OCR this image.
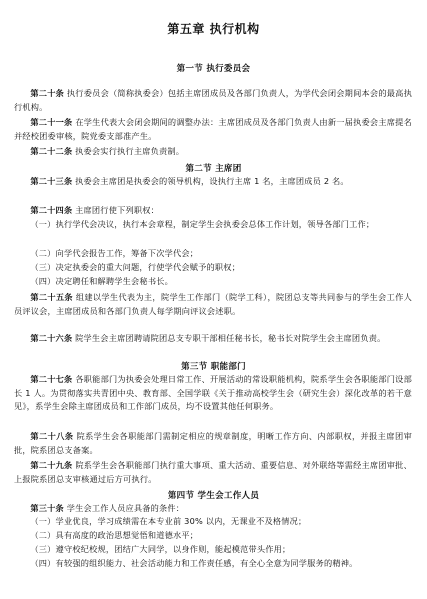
第五章 执行机构
第一节 执行委员会

第二十条 执行委员会（简称执委会）包括主席团成员及各部门负责人，为学代会闭会期间本会的最高执行机构。

第二十一条 在学生代表大会闭会期间的调整办法：主席团成员及各部门负责人由新一届执委会主席提名并经校团委审核，院党委支部准产生。

第二十二条 执委会实行执行主席负责制。

第二节 主席团

第二十三条 执委会主席团是执委会的领导机构，设执行主席 1 名，主席团成员 2 名。

第二十四条 主席团行使下列职权：

（一）执行学代会决议，执行本会章程，制定学生会执委会总体工作计划，领导各部门工作；

（二）向学代会报告工作，筹备下次学代会；

（三）决定执委会的重大问题，行使学代会赋予的职权；

（四）决定聘任和解聘学生会秘书长。

第二十五条 组建以学生代表为主，院学生工作部门（院学工科），院团总支等共同参与的学生会工作人员评议会，主席团成员和各部门负责人每学期向评议会述职。

第二十六条 院学生会主席团聘请院团总支专职干部相任秘书长，秘书长对院学生会主席团负责。

第三节 职能部门

第二十七条 各职能部门为执委会处理日常工作、开展活动的常设职能机构，院系学生会各职能部门设部长 1 人。为贯彻落实共青团中央、教育部、全国学联《关于推动高校学生会（研究生会）深化改革的若干意见》，系学生会除主席团成员和工作部门成员，均不设置其他任何职务。

第二十八条 院系学生会各职能部门需制定相应的规章制度，明晰工作方向、内部职权，并报主席团审批，院系团总支备案。

第二十九条 院系学生会各职能部门执行重大事项、重大活动、重要信息、对外联络等需经主席团审批、上报院系团总支审核通过后方可执行。

第四节 学生会工作人员

第三十条 学生会工作人员应具备的条件：

（一）学业优良，学习成绩需在本专业前 30% 以内，无课业不及格情况；

（二）具有高度的政治思想觉悟和道德水平；

（三）遵守校纪校规，团结广大同学，以身作则，能起模范带头作用；

（四）有较强的组织能力、社会活动能力和工作责任感，有全心全意为同学服务的精神。
